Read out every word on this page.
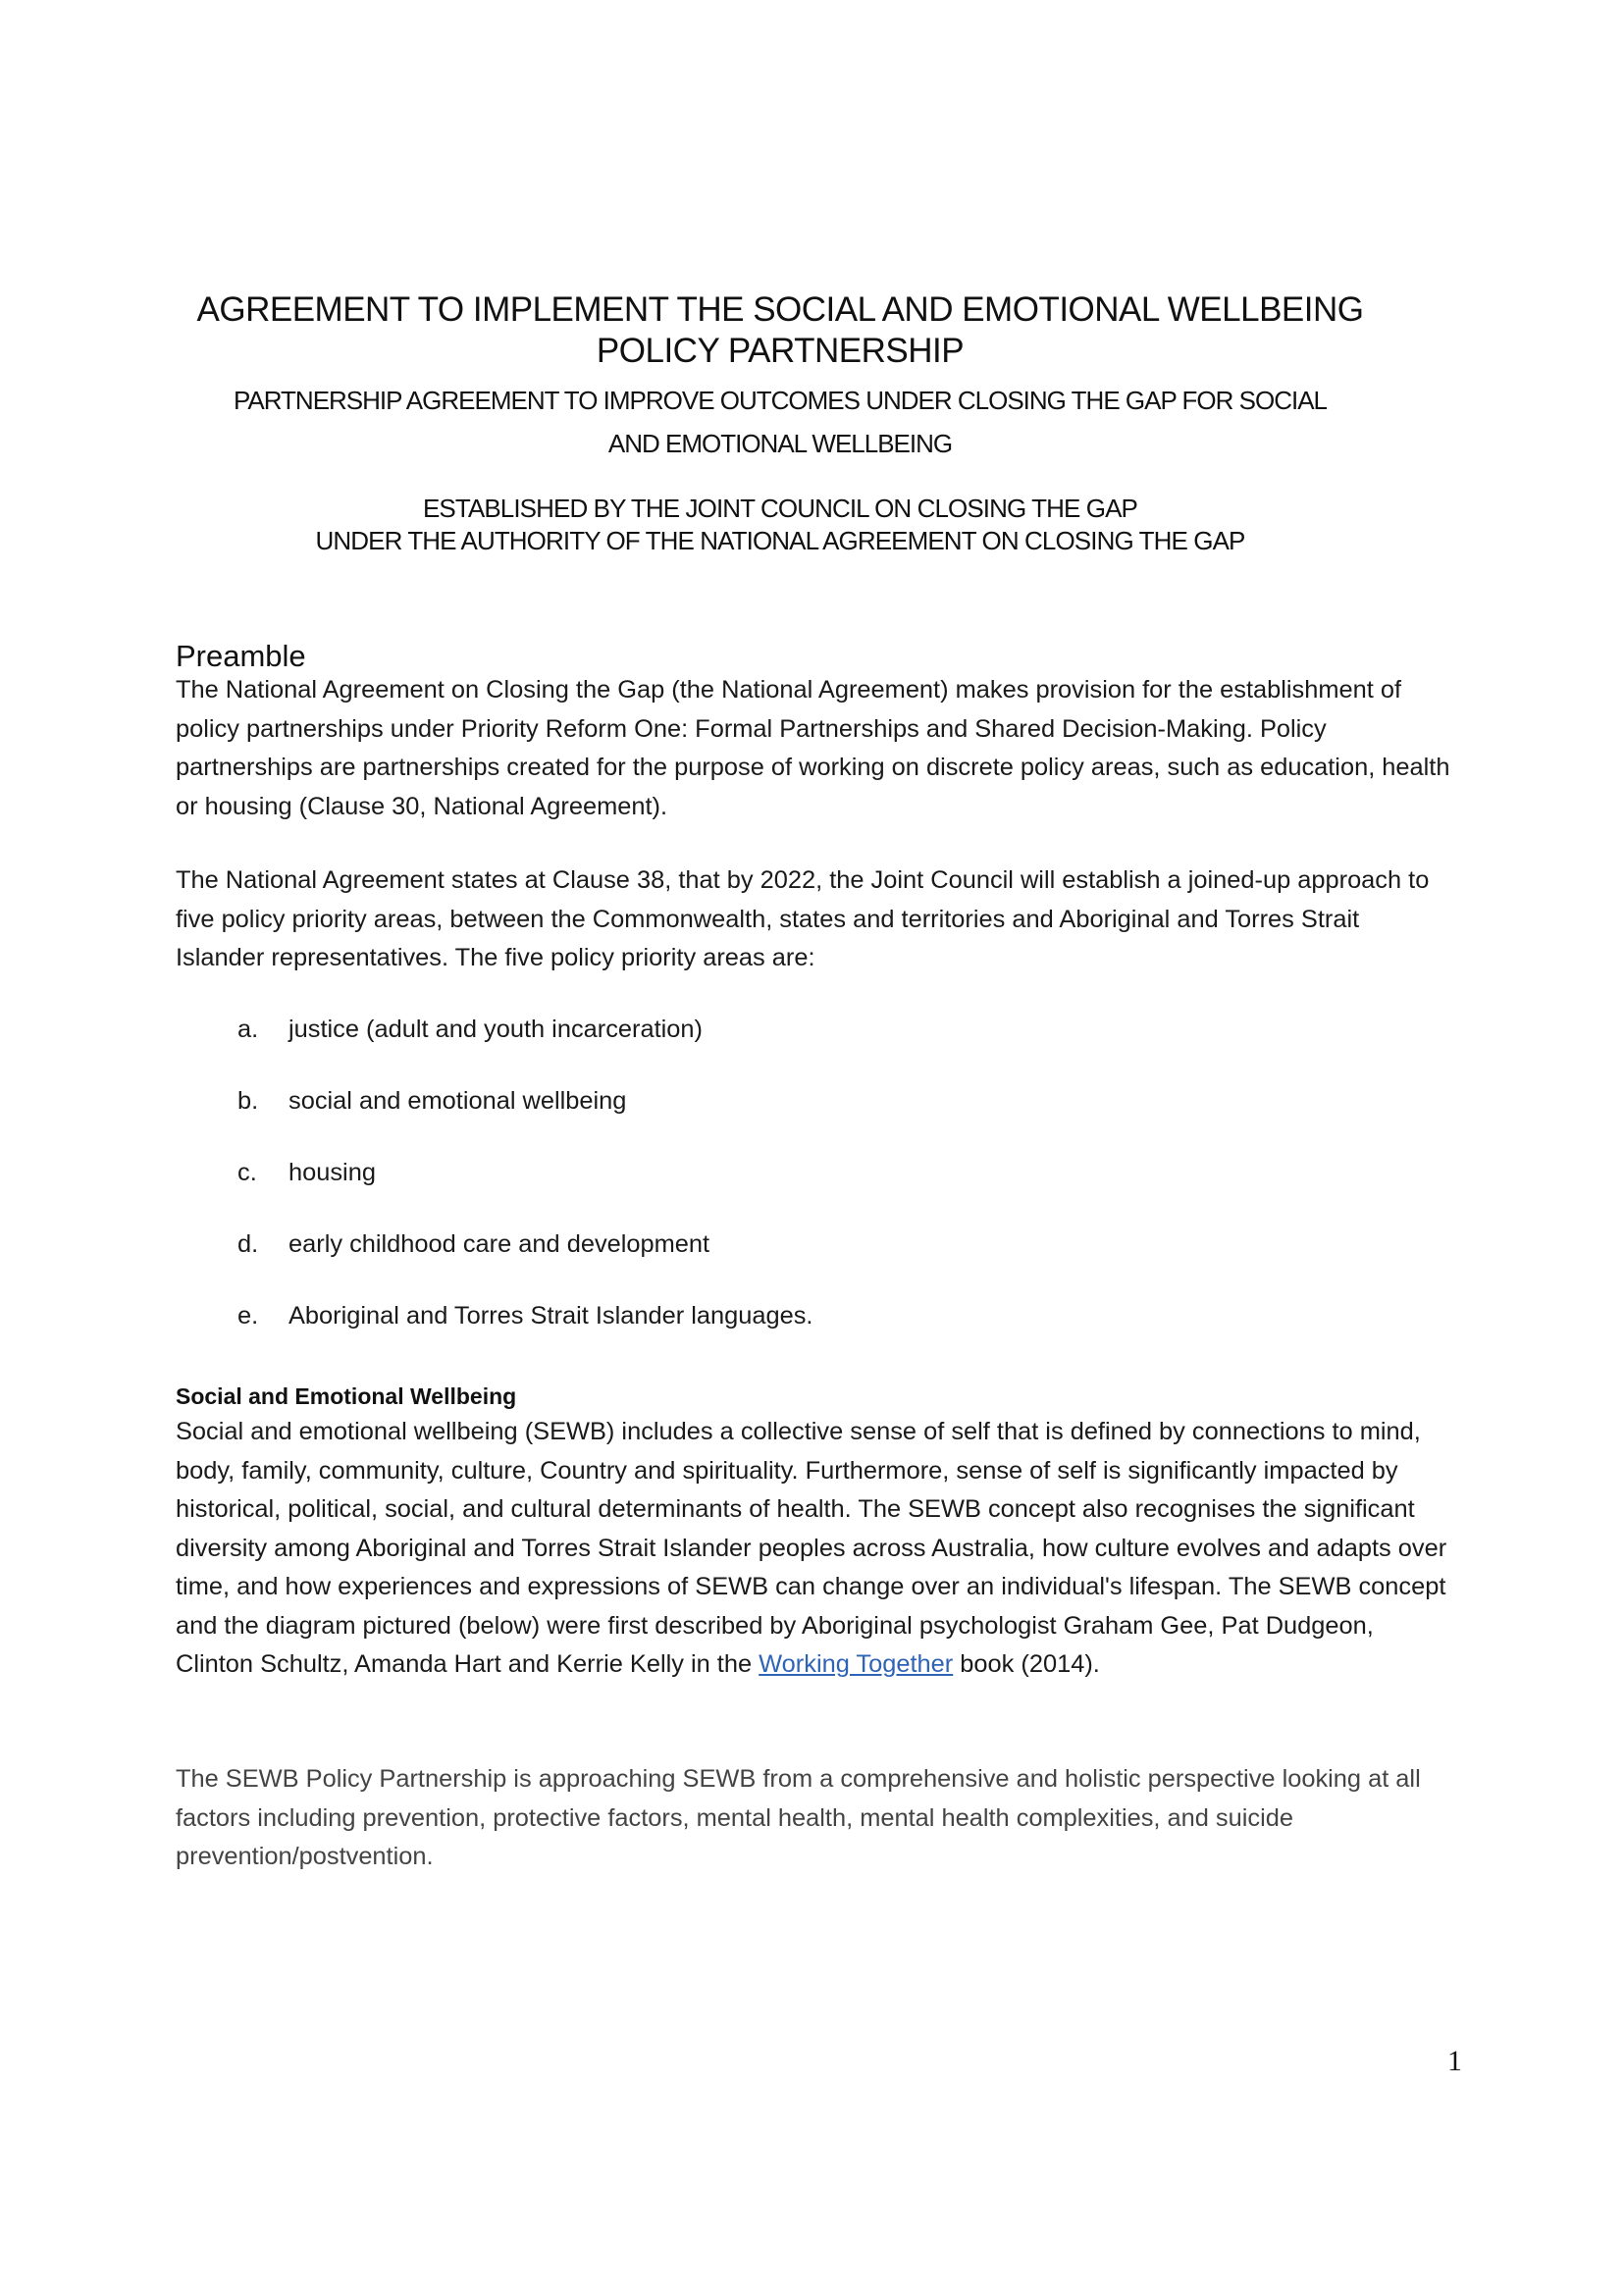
AGREEMENT TO IMPLEMENT THE SOCIAL AND EMOTIONAL WELLBEING
POLICY PARTNERSHIP
PARTNERSHIP AGREEMENT TO IMPROVE OUTCOMES UNDER CLOSING THE GAP FOR SOCIAL
AND EMOTIONAL WELLBEING
ESTABLISHED BY THE JOINT COUNCIL ON CLOSING THE GAP
UNDER THE AUTHORITY OF THE NATIONAL AGREEMENT ON CLOSING THE GAP
Preamble
The National Agreement on Closing the Gap (the National Agreement) makes provision for the establishment of policy partnerships under Priority Reform One: Formal Partnerships and Shared Decision-Making. Policy partnerships are partnerships created for the purpose of working on discrete policy areas, such as education, health or housing (Clause 30, National Agreement).
The National Agreement states at Clause 38, that by 2022, the Joint Council will establish a joined-up approach to five policy priority areas, between the Commonwealth, states and territories and Aboriginal and Torres Strait Islander representatives. The five policy priority areas are:
a.	justice (adult and youth incarceration)
b.	social and emotional wellbeing
c.	housing
d.	early childhood care and development
e.	Aboriginal and Torres Strait Islander languages.
Social and Emotional Wellbeing
Social and emotional wellbeing (SEWB) includes a collective sense of self that is defined by connections to mind, body, family, community, culture, Country and spirituality. Furthermore, sense of self is significantly impacted by historical, political, social, and cultural determinants of health. The SEWB concept also recognises the significant diversity among Aboriginal and Torres Strait Islander peoples across Australia, how culture evolves and adapts over time, and how experiences and expressions of SEWB can change over an individual's lifespan. The SEWB concept and the diagram pictured (below) were first described by Aboriginal psychologist Graham Gee, Pat Dudgeon, Clinton Schultz, Amanda Hart and Kerrie Kelly in the Working Together book (2014).
The SEWB Policy Partnership is approaching SEWB from a comprehensive and holistic perspective looking at all factors including prevention, protective factors, mental health, mental health complexities, and suicide prevention/postvention.
1
